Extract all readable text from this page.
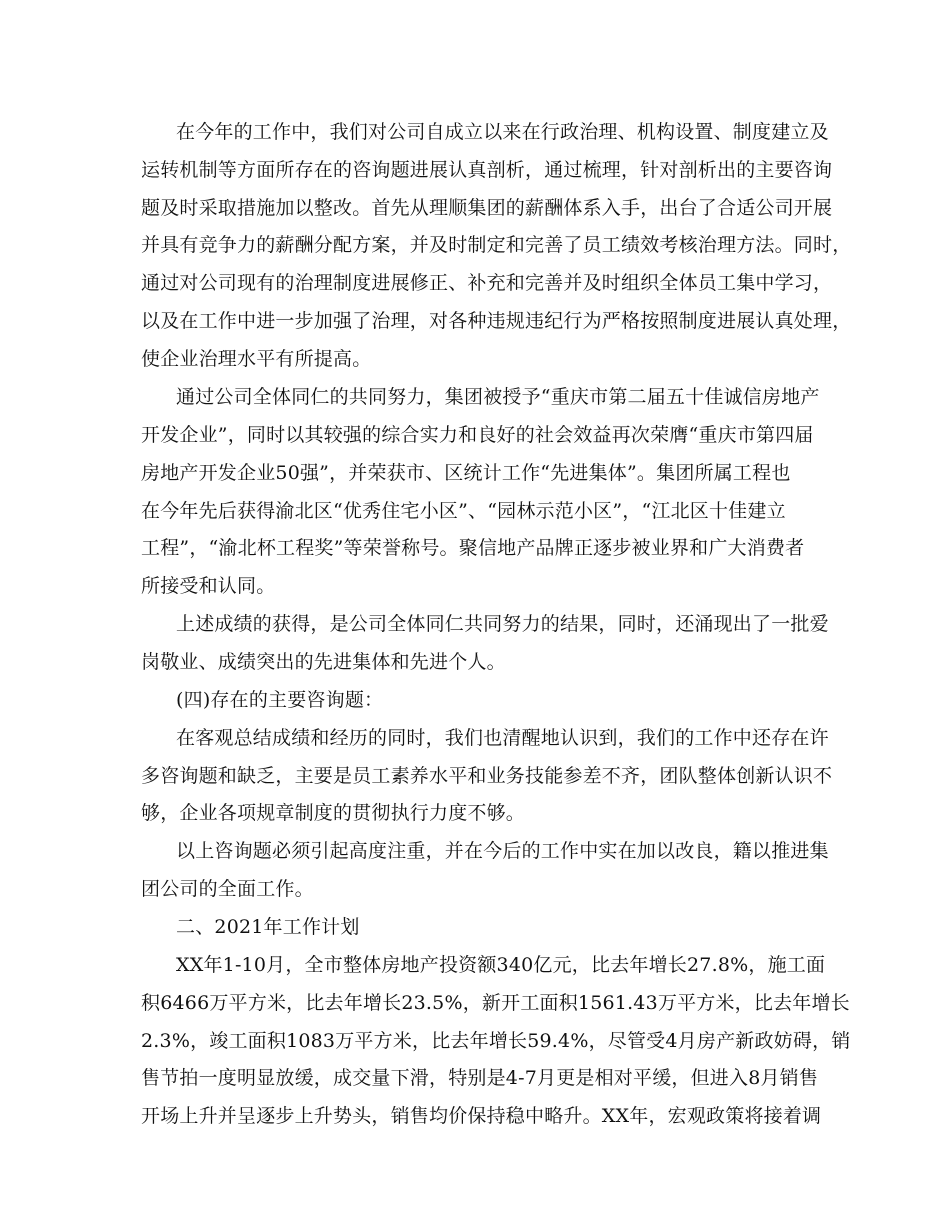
在今年的工作中，我们对公司自成立以来在行政治理、机构设置、制度建立及
运转机制等方面所存在的咨询题进展认真剖析，通过梳理，针对剖析出的主要咨询
题及时采取措施加以整改。首先从理顺集团的薪酬体系入手，出台了合适公司开展
并具有竞争力的薪酬分配方案，并及时制定和完善了员工绩效考核治理方法。同时，
通过对公司现有的治理制度进展修正、补充和完善并及时组织全体员工集中学习，
以及在工作中进一步加强了治理，对各种违规违纪行为严格按照制度进展认真处理，
使企业治理水平有所提高。
通过公司全体同仁的共同努力，集团被授予“重庆市第二届五十佳诚信房地产
开发企业”，同时以其较强的综合实力和良好的社会效益再次荣膺“重庆市第四届
房地产开发企业50强”，并荣获市、区统计工作“先进集体”。集团所属工程也
在今年先后获得渝北区“优秀住宅小区”、“园林示范小区”，“江北区十佳建立
工程”，“渝北杯工程奖”等荣誉称号。聚信地产品牌正逐步被业界和广大消费者
所接受和认同。
上述成绩的获得，是公司全体同仁共同努力的结果，同时，还涌现出了一批爱
岗敬业、成绩突出的先进集体和先进个人。
(四)存在的主要咨询题：
在客观总结成绩和经历的同时，我们也清醒地认识到，我们的工作中还存在许
多咨询题和缺乏，主要是员工素养水平和业务技能参差不齐，团队整体创新认识不
够，企业各项规章制度的贯彻执行力度不够。
以上咨询题必须引起高度注重，并在今后的工作中实在加以改良，籍以推进集
团公司的全面工作。
二、2021年工作计划
XX年1-10月，全市整体房地产投资额340亿元，比去年增长27.8%，施工面
积6466万平方米，比去年增长23.5%，新开工面积1561.43万平方米，比去年增长
2.3%，竣工面积1083万平方米，比去年增长59.4%，尽管受4月房产新政妨碍，销
售节拍一度明显放缓，成交量下滑，特别是4-7月更是相对平缓，但进入8月销售
开场上升并呈逐步上升势头，销售均价保持稳中略升。XX年，宏观政策将接着调
